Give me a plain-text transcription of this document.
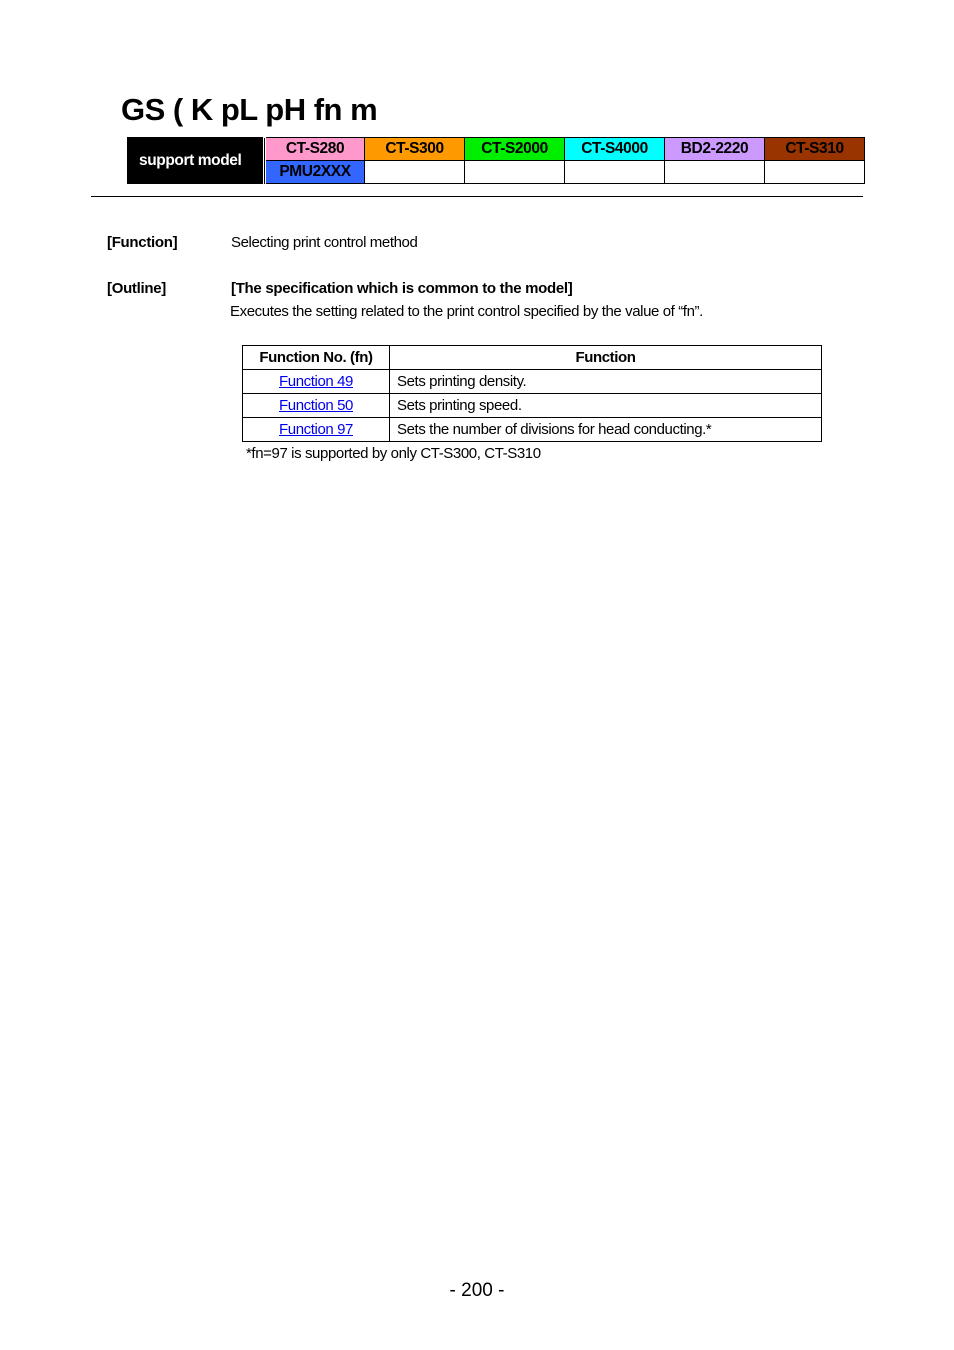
GS ( K pL pH fn m
support model	CT-S280	CT-S300	CT-S2000	CT-S4000	BD2-2220	CT-S310
	PMU2XXX					
[Function]	Selecting print control method
[Outline]	[The specification which is common to the model]
Executes the setting related to the print control specified by the value of “fn”.
Function No. (fn)	Function
Function 49	Sets printing density.
Function 50	Sets printing speed.
Function 97	Sets the number of divisions for head conducting.*
*fn=97 is supported by only CT-S300, CT-S310
- 200 -
